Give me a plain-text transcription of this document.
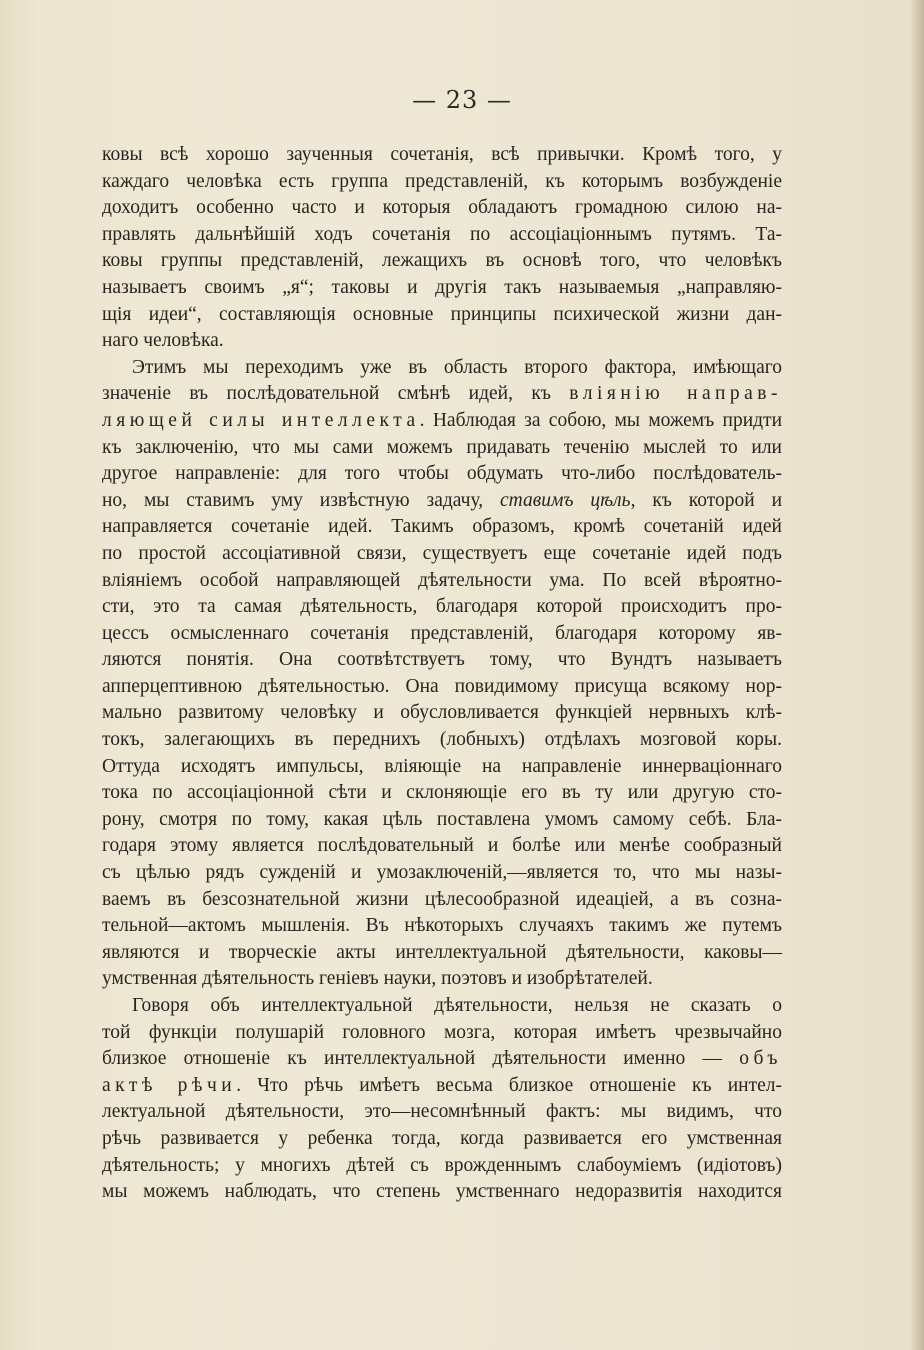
— 23 —
ковы всѣ хорошо заученныя сочетанія, всѣ привычки. Кромѣ того, у
каждаго человѣка есть группа представленій, къ которымъ возбужденіе
доходитъ особенно часто и которыя обладаютъ громадною силою на-
правлять дальнѣйшій ходъ сочетанія по ассоціаціоннымъ путямъ. Та-
ковы группы представленій, лежащихъ въ основѣ того, что человѣкъ
называетъ своимъ „я“; таковы и другія такъ называемыя „направляю-
щія идеи“, составляющія основные принципы психической жизни дан-
наго человѣка.
Этимъ мы переходимъ уже въ область второго фактора, имѣющаго
значеніе въ послѣдовательной смѣнѣ идей, къ вліянію направ-
ляющей силы интеллекта. Наблюдая за собою, мы можемъ придти
къ заключенію, что мы сами можемъ придавать теченію мыслей то или
другое направленіе: для того чтобы обдумать что-либо послѣдователь-
но, мы ставимъ уму извѣстную задачу, ставимъ цѣль, къ которой и
направляется сочетаніе идей. Такимъ образомъ, кромѣ сочетаній идей
по простой ассоціативной связи, существуетъ еще сочетаніе идей подъ
вліяніемъ особой направляющей дѣятельности ума. По всей вѣроятно-
сти, это та самая дѣятельность, благодаря которой происходитъ про-
цессъ осмысленнаго сочетанія представленій, благодаря которому яв-
ляются понятія. Она соотвѣтствуетъ тому, что Вундтъ называетъ
апперцептивною дѣятельностью. Она повидимому присуща всякому нор-
мально развитому человѣку и обусловливается функціей нервныхъ клѣ-
токъ, залегающихъ въ переднихъ (лобныхъ) отдѣлахъ мозговой коры.
Оттуда исходятъ импульсы, вліяющіе на направленіе иннерваціоннаго
тока по ассоціаціонной сѣти и склоняющіе его въ ту или другую сто-
рону, смотря по тому, какая цѣль поставлена умомъ самому себѣ. Бла-
годаря этому является послѣдовательный и болѣе или менѣе сообразный
съ цѣлью рядъ сужденій и умозаключеній,—является то, что мы назы-
ваемъ въ безсознательной жизни цѣлесообразной идеаціей, а въ созна-
тельной—актомъ мышленія. Въ нѣкоторыхъ случаяхъ такимъ же путемъ
являются и творческіе акты интеллектуальной дѣятельности, каковы—
умственная дѣятельность геніевъ науки, поэтовъ и изобрѣтателей.
Говоря объ интеллектуальной дѣятельности, нельзя не сказать о
той функціи полушарій головного мозга, которая имѣетъ чрезвычайно
близкое отношеніе къ интеллектуальной дѣятельности именно — объ
актѣ рѣчи. Что рѣчь имѣетъ весьма близкое отношеніе къ интел-
лектуальной дѣятельности, это—несомнѣнный фактъ: мы видимъ, что
рѣчь развивается у ребенка тогда, когда развивается его умственная
дѣятельность; у многихъ дѣтей съ врожденнымъ слабоуміемъ (идіотовъ)
мы можемъ наблюдать, что степень умственнаго недоразвитія находится
